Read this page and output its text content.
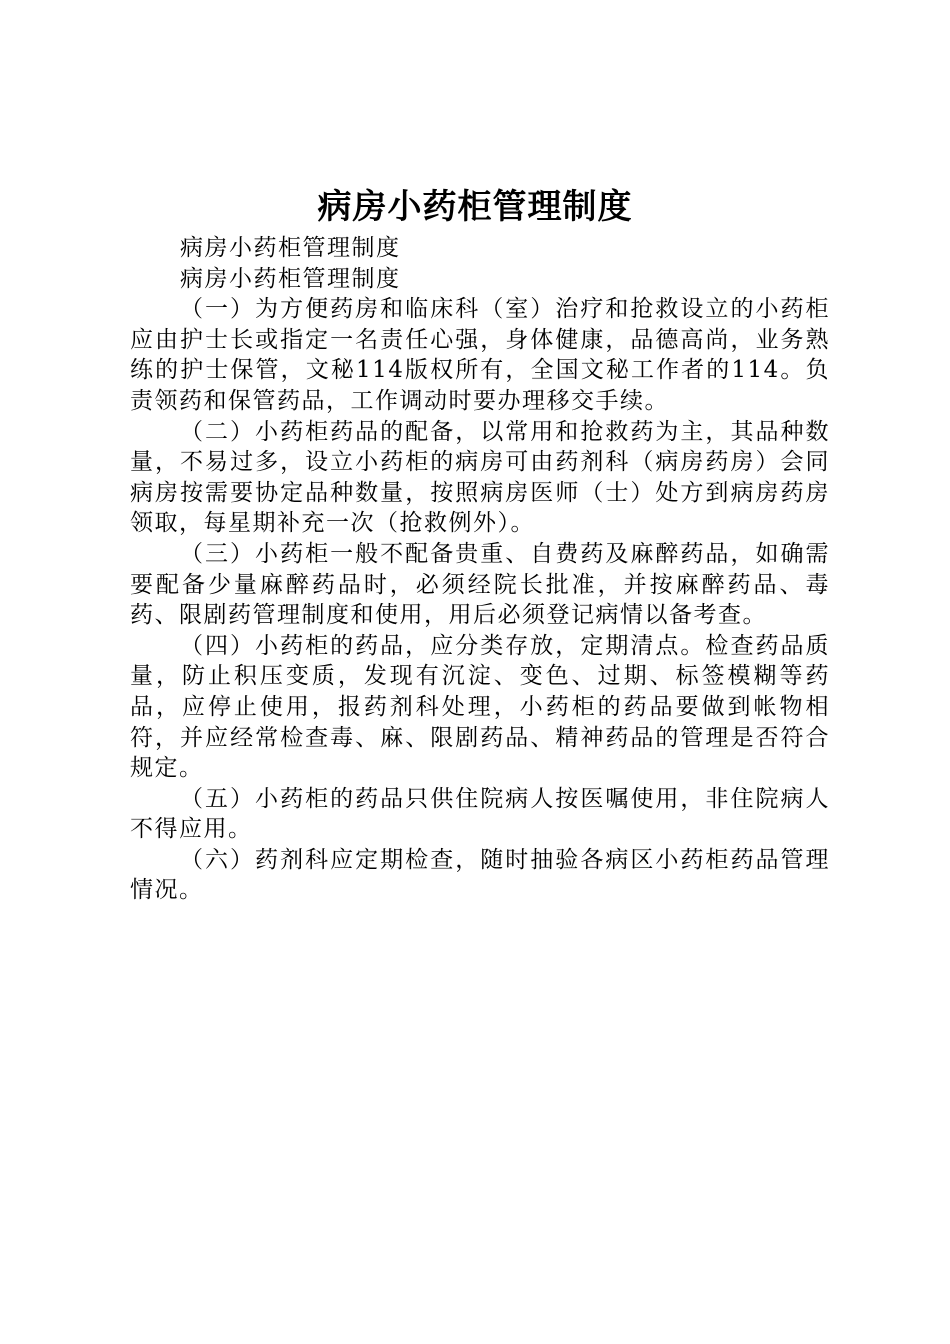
病房小药柜管理制度

病房小药柜管理制度

病房小药柜管理制度

（一）为方便药房和临床科（室）治疗和抢救设立的小药柜应由护士长或指定一名责任心强，身体健康，品德高尚，业务熟练的护士保管，文秘114版权所有，全国文秘工作者的114。负责领药和保管药品，工作调动时要办理移交手续。

（二）小药柜药品的配备，以常用和抢救药为主，其品种数量，不易过多，设立小药柜的病房可由药剂科（病房药房）会同病房按需要协定品种数量，按照病房医师（士）处方到病房药房领取，每星期补充一次（抢救例外）。

（三）小药柜一般不配备贵重、自费药及麻醉药品，如确需要配备少量麻醉药品时，必须经院长批准，并按麻醉药品、毒药、限剧药管理制度和使用，用后必须登记病情以备考查。

（四）小药柜的药品，应分类存放，定期清点。检查药品质量，防止积压变质，发现有沉淀、变色、过期、标签模糊等药品，应停止使用，报药剂科处理，小药柜的药品要做到帐物相符，并应经常检查毒、麻、限剧药品、精神药品的管理是否符合规定。

（五）小药柜的药品只供住院病人按医嘱使用，非住院病人不得应用。

（六）药剂科应定期检查，随时抽验各病区小药柜药品管理情况。
